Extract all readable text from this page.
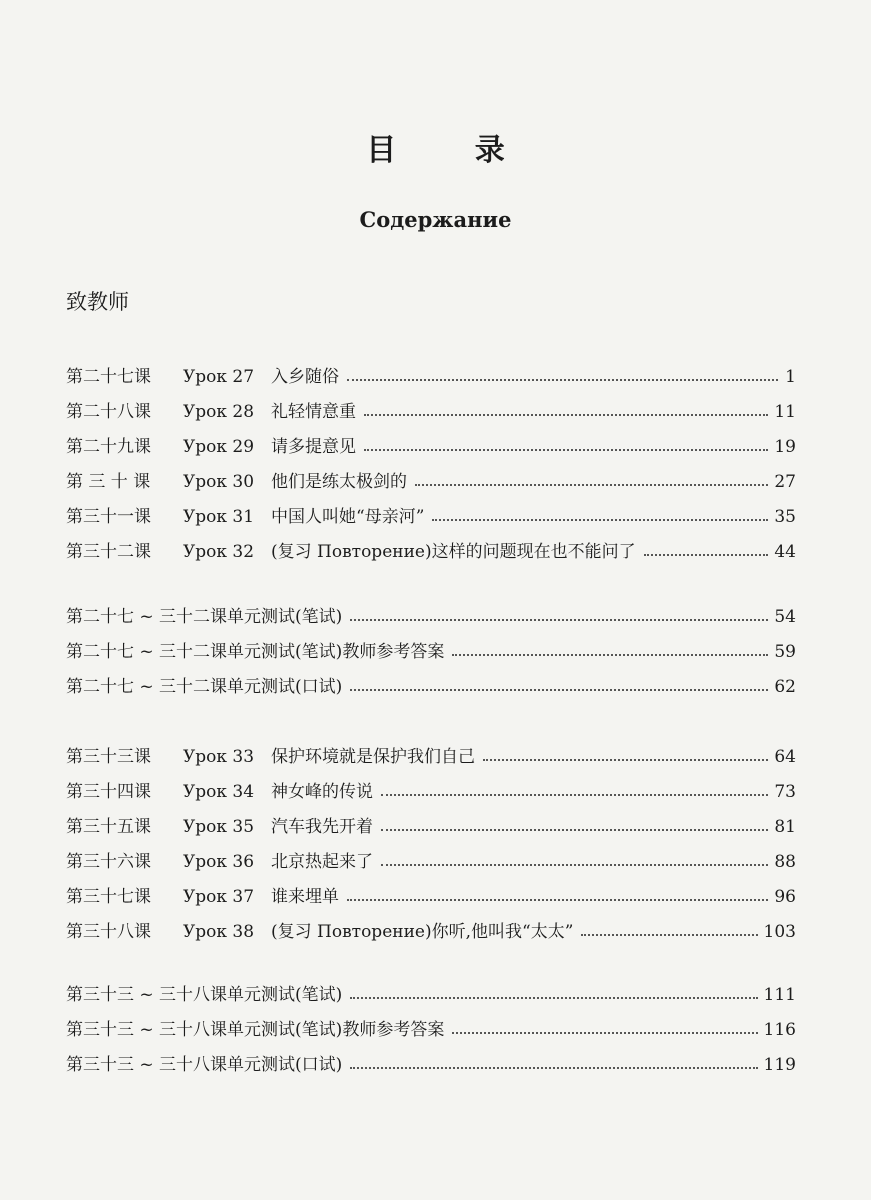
目 录
Содержание
致教师
第二十七课	Урок 27 入乡随俗	1
第二十八课	Урок 28 礼轻情意重	11
第二十九课	Урок 29 请多提意见	19
第 三 十 课	Урок 30 他们是练太极剑的	27
第三十一课	Урок 31 中国人叫她“母亲河”	35
第三十二课	Урок 32 (复习 Повторение)这样的问题现在也不能问了	44
第二十七 ~ 三十二课单元测试(笔试)	54
第二十七 ~ 三十二课单元测试(笔试)教师参考答案	59
第二十七 ~ 三十二课单元测试(口试)	62
第三十三课	Урок 33 保护环境就是保护我们自己	64
第三十四课	Урок 34 神女峰的传说	73
第三十五课	Урок 35 汽车我先开着	81
第三十六课	Урок 36 北京热起来了	88
第三十七课	Урок 37 谁来埋单	96
第三十八课	Урок 38 (复习 Повторение)你听,他叫我“太太”	103
第三十三 ~ 三十八课单元测试(笔试)	111
第三十三 ~ 三十八课单元测试(笔试)教师参考答案	116
第三十三 ~ 三十八课单元测试(口试)	119
